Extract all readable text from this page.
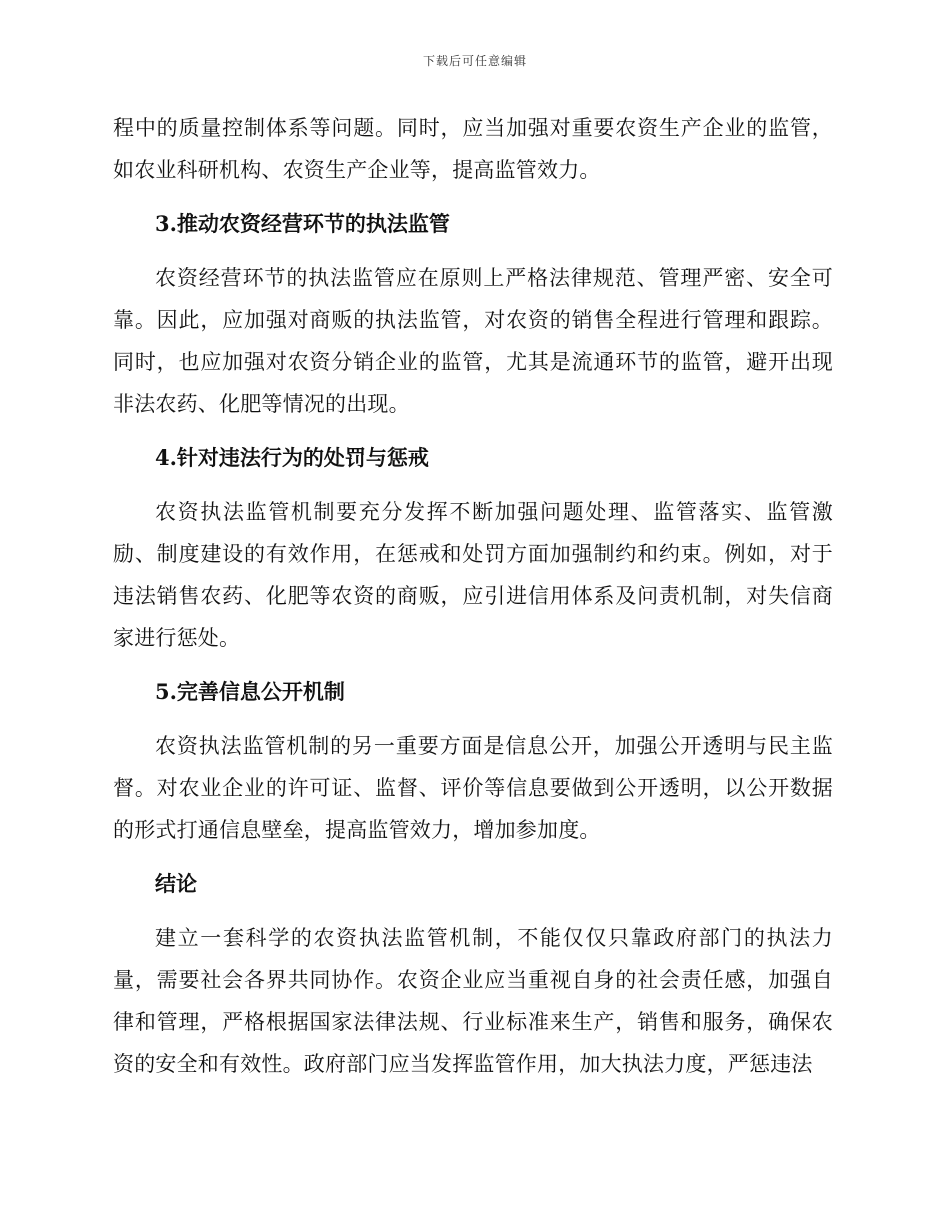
下载后可任意编辑

程中的质量控制体系等问题。同时，应当加强对重要农资生产企业的监管，如农业科研机构、农资生产企业等，提高监管效力。

3.推动农资经营环节的执法监管

农资经营环节的执法监管应在原则上严格法律规范、管理严密、安全可靠。因此，应加强对商贩的执法监管，对农资的销售全程进行管理和跟踪。同时，也应加强对农资分销企业的监管，尤其是流通环节的监管，避开出现非法农药、化肥等情况的出现。

4.针对违法行为的处罚与惩戒

农资执法监管机制要充分发挥不断加强问题处理、监管落实、监管激励、制度建设的有效作用，在惩戒和处罚方面加强制约和约束。例如，对于违法销售农药、化肥等农资的商贩，应引进信用体系及问责机制，对失信商家进行惩处。

5.完善信息公开机制

农资执法监管机制的另一重要方面是信息公开，加强公开透明与民主监督。对农业企业的许可证、监督、评价等信息要做到公开透明，以公开数据的形式打通信息壁垒，提高监管效力，增加参加度。

结论

建立一套科学的农资执法监管机制，不能仅仅只靠政府部门的执法力量，需要社会各界共同协作。农资企业应当重视自身的社会责任感，加强自律和管理，严格根据国家法律法规、行业标准来生产，销售和服务，确保农资的安全和有效性。政府部门应当发挥监管作用，加大执法力度，严惩违法
